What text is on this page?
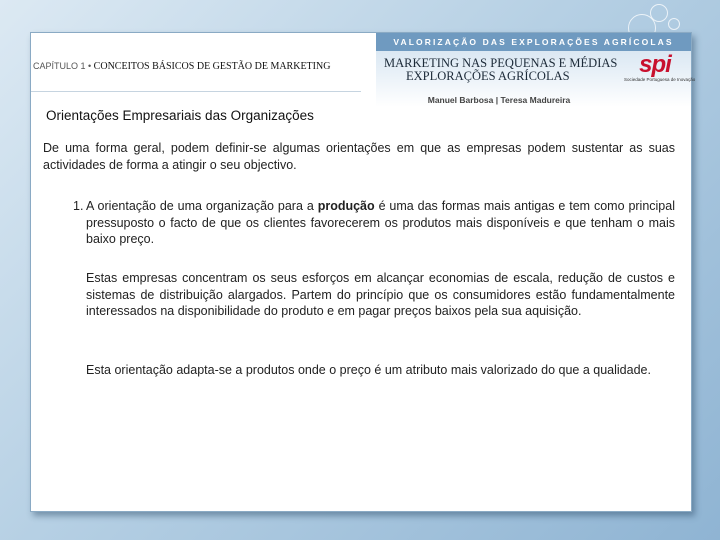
VALORIZAÇÃO DAS EXPLORAÇÕES AGRÍCOLAS
MARKETING NAS PEQUENAS E MÉDIAS
EXPLORAÇÕES AGRÍCOLAS	spi
Sociedade Portuguesa de Inovação
Manuel Barbosa | Teresa Madureira
CAPÍTULO 1 • CONCEITOS BÁSICOS DE GESTÃO DE MARKETING
Orientações Empresariais das Organizações

De uma forma geral, podem definir-se algumas orientações em que as empresas podem sustentar as suas actividades de forma a atingir o seu objectivo.

1. A orientação de uma organização para a produção é uma das formas mais antigas e tem como principal pressuposto o facto de que os clientes favorecerem os produtos mais disponíveis e que tenham o mais baixo preço.

Estas empresas concentram os seus esforços em alcançar economias de escala, redução de custos e sistemas de distribuição alargados. Partem do princípio que os consumidores estão fundamentalmente interessados na disponibilidade do produto e em pagar preços baixos pela sua aquisição.

Esta orientação adapta-se a produtos onde o preço é um atributo mais valorizado do que a qualidade.
